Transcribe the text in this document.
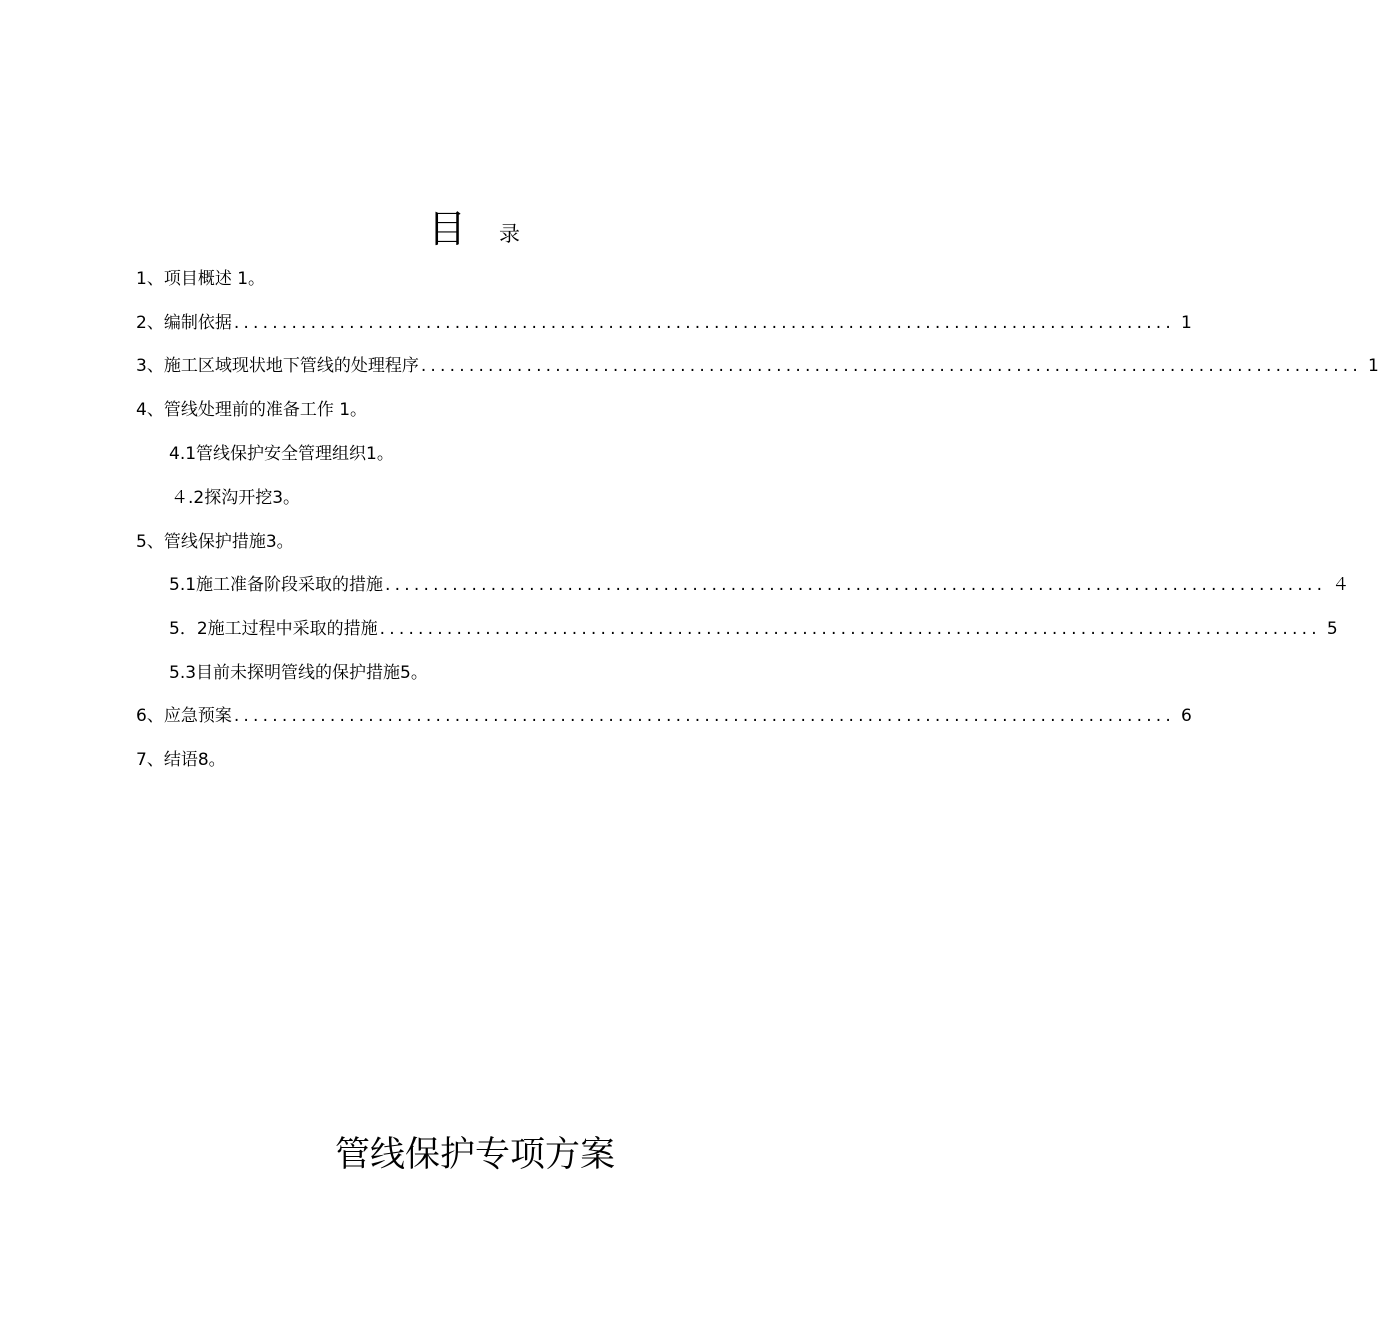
目 录
1、项目概述 1。
2、编制依据 .................................................................................................. 1
3、施工区域现状地下管线的处理程序 .................................................................................................. 1
4、管线处理前的准备工作 1。
4.1管线保护安全管理组织1。
４.2探沟开挖3。
5、管线保护措施3。
5.1施工准备阶段采取的措施 .................................................................................................. ４
5．2施工过程中采取的措施 .................................................................................................. 5
5.3目前未探明管线的保护措施5。
6、应急预案 .................................................................................................. 6
7、结语8。
管线保护专项方案
